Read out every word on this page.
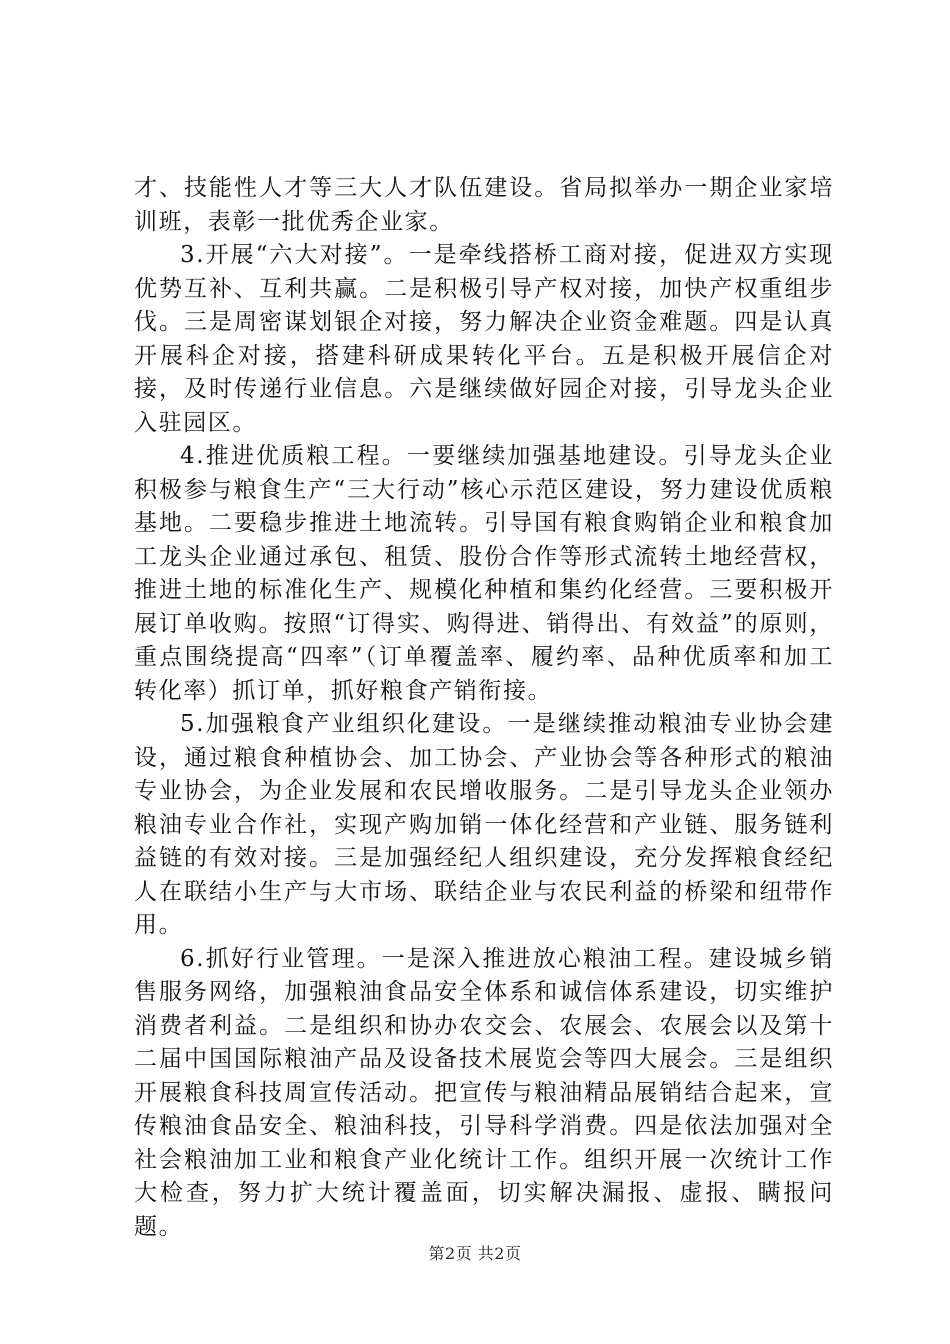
才、技能性人才等三大人才队伍建设。省局拟举办一期企业家培训班，表彰一批优秀企业家。

3.开展“六大对接”。一是牵线搭桥工商对接，促进双方实现优势互补、互利共赢。二是积极引导产权对接，加快产权重组步伐。三是周密谋划银企对接，努力解决企业资金难题。四是认真开展科企对接，搭建科研成果转化平台。五是积极开展信企对接，及时传递行业信息。六是继续做好园企对接，引导龙头企业入驻园区。

4.推进优质粮工程。一要继续加强基地建设。引导龙头企业积极参与粮食生产“三大行动”核心示范区建设，努力建设优质粮基地。二要稳步推进土地流转。引导国有粮食购销企业和粮食加工龙头企业通过承包、租赁、股份合作等形式流转土地经营权，推进土地的标准化生产、规模化种植和集约化经营。三要积极开展订单收购。按照“订得实、购得进、销得出、有效益”的原则，重点围绕提高“四率”（订单覆盖率、履约率、品种优质率和加工转化率）抓订单，抓好粮食产销衔接。

5.加强粮食产业组织化建设。一是继续推动粮油专业协会建设，通过粮食种植协会、加工协会、产业协会等各种形式的粮油专业协会，为企业发展和农民增收服务。二是引导龙头企业领办粮油专业合作社，实现产购加销一体化经营和产业链、服务链利益链的有效对接。三是加强经纪人组织建设，充分发挥粮食经纪人在联结小生产与大市场、联结企业与农民利益的桥梁和纽带作用。

6.抓好行业管理。一是深入推进放心粮油工程。建设城乡销售服务网络，加强粮油食品安全体系和诚信体系建设，切实维护消费者利益。二是组织和协办农交会、农展会、农展会以及第十二届中国国际粮油产品及设备技术展览会等四大展会。三是组织开展粮食科技周宣传活动。把宣传与粮油精品展销结合起来，宣传粮油食品安全、粮油科技，引导科学消费。四是依法加强对全社会粮油加工业和粮食产业化统计工作。组织开展一次统计工作大检查，努力扩大统计覆盖面，切实解决漏报、虚报、瞒报问题。

第2页 共2页
